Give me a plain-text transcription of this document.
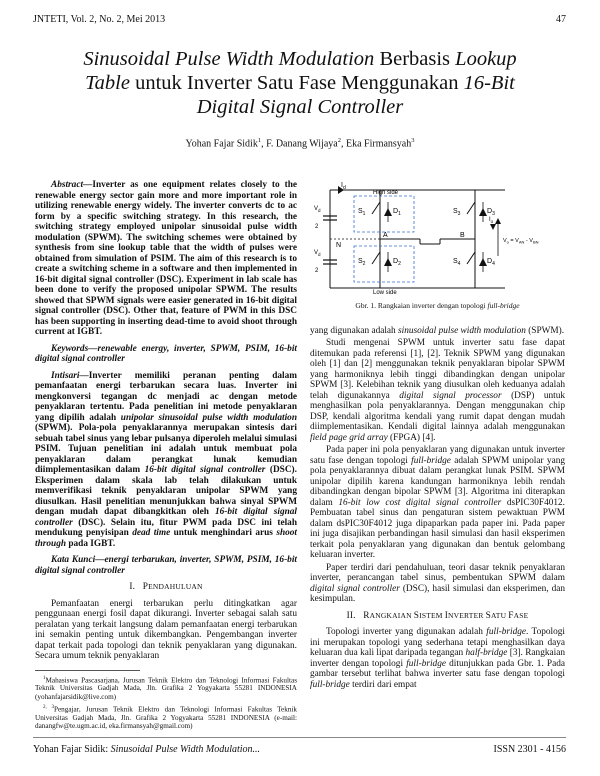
JNTETI, Vol. 2, No. 2, Mei 2013	47
Sinusoidal Pulse Width Modulation Berbasis Lookup
Table untuk Inverter Satu Fase Menggunakan 16-Bit
Digital Signal Controller
Yohan Fajar Sidik$^1$, F. Danang Wijaya$^2$, Eka Firmansyah$^3$

Abstract—Inverter as one equipment relates closely to the renewable energy sector gain more and more important role in utilizing renewable energy widely. The inverter converts dc to ac form by a specific switching strategy. In this research, the switching strategy employed unipolar sinusoidal pulse width modulation (SPWM). The switching schemes were obtained by synthesis from sine lookup table that the width of pulses were obtained from simulation of PSIM. The aim of this research is to create a switching scheme in a software and then implemented in 16-bit digital signal controller (DSC). Experiment in lab scale has been done to verify the proposed unipolar SPWM. The results showed that SPWM signals were easier generated in 16-bit digital signal controller (DSC). Other that, feature of PWM in this DSC has been supporting in inserting dead-time to avoid shoot through current at IGBT.

Keywords—renewable energy, inverter, SPWM, PSIM, 16-bit digital signal controller

Intisari—Inverter memiliki peranan penting dalam pemanfaatan energi terbarukan secara luas. Inverter ini mengkonversi tegangan dc menjadi ac dengan metode penyaklaran tertentu. Pada penelitian ini metode penyaklaran yang dipilih adalah unipolar sinusoidal pulse width modulation (SPWM). Pola-pola penyaklarannya merupakan sintesis dari sebuah tabel sinus yang lebar pulsanya diperoleh melalui simulasi PSIM. Tujuan penelitian ini adalah untuk membuat pola penyaklaran dalam perangkat lunak kemudian diimplementasikan dalam 16-bit digital signal controller (DSC). Eksperimen dalam skala lab telah dilakukan untuk memverifikasi teknik penyaklaran unipolar SPWM yang diusulkan. Hasil penelitian menunjukkan bahwa sinyal SPWM dengan mudah dapat dibangkitkan oleh 16-bit digital signal controller (DSC). Selain itu, fitur PWM pada DSC ini telah mendukung penyisipan dead time untuk menghindari arus shoot through pada IGBT.

Kata Kunci—energi terbarukan, inverter, SPWM, PSIM, 16-bit digital signal controller

I. PENDAHULUAN

Pemanfaatan energi terbarukan perlu ditingkatkan agar penggunaan energi fosil dapat dikurangi. Inverter sebagai salah satu peralatan yang terkait langsung dalam pemanfaatan energi terbarukan ini semakin penting untuk dikembangkan. Pengembangan inverter dapat terkait pada topologi dan teknik penyaklaran yang digunakan. Secara umum teknik penyaklaran

$^1$Mahasiswa Pascasarjana, Jurusan Teknik Elektro dan Teknologi Informasi Fakultas Teknik Universitas Gadjah Mada, Jln. Grafika 2 Yogyakarta 55281 INDONESIA (yohanfajarsidik@live.com)

$^{2, 3}$Pengajar, Jurusan Teknik Elektro dan Teknologi Informasi Fakultas Teknik Universitas Gadjah Mada, Jln. Grafika 2 Yogyakarta 55281 INDONESIA (e-mail: danangfw@te.ugm.ac.id, eka.firmansyah@gmail.com)

$I_d$
High side
Low side
$S_1$
$S_2$
$S_3$
$S_4$
$D_1$
$D_2$
$D_3$
$D_4$
$V_d$
2
$V_d$
2
A	B
N
$I_o$
$V_o = V_{AN} - V_{BN}$
Gbr. 1. Rangkaian inverter dengan topologi full-bridge

yang digunakan adalah sinusoidal pulse width modulation (SPWM).

Studi mengenai SPWM untuk inverter satu fase dapat ditemukan pada referensi [1], [2]. Teknik SPWM yang digunakan oleh [1] dan [2] menggunakan teknik penyaklaran bipolar SPWM yang harmoniknya lebih tinggi dibandingkan dengan unipolar SPWM [3]. Kelebihan teknik yang diusulkan oleh keduanya adalah telah digunakannya digital signal processor (DSP) untuk menghasilkan pola penyaklarannya. Dengan menggunakan chip DSP, kendali algoritma kendali yang rumit dapat dengan mudah diimplementasikan. Kendali digital lainnya adalah menggunakan field page grid array (FPGA) [4].

Pada paper ini pola penyaklaran yang digunakan untuk inverter satu fase dengan topologi full-bridge adalah SPWM unipolar yang pola penyaklarannya dibuat dalam perangkat lunak PSIM. SPWM unipolar dipilih karena kandungan harmoniknya lebih rendah dibandingkan dengan bipolar SPWM [3]. Algoritma ini diterapkan dalam 16-bit low cost digital signal controller dsPIC30F4012. Pembuatan tabel sinus dan pengaturan sistem pewaktuan PWM dalam dsPIC30F4012 juga dipaparkan pada paper ini. Pada paper ini juga disajikan perbandingan hasil simulasi dan hasil eksperimen terkait pola penyaklaran yang digunakan dan bentuk gelombang keluaran inverter.

Paper terdiri dari pendahuluan, teori dasar teknik penyaklaran inverter, perancangan tabel sinus, pembentukan SPWM dalam digital signal controller (DSC), hasil simulasi dan eksperimen, dan kesimpulan.

II. RANGKAIAN SISTEM INVERTER SATU FASE

Topologi inverter yang digunakan adalah full-bridge. Topologi ini merupakan topologi yang sederhana tetapi menghasilkan daya keluaran dua kali lipat daripada tegangan half-bridge [3]. Rangkaian inverter dengan topologi full-bridge ditunjukkan pada Gbr. 1. Pada gambar tersebut terlihat bahwa inverter satu fase dengan topologi full-bridge terdiri dari empat

Yohan Fajar Sidik: Sinusoidal Pulse Width Modulation...	ISSN 2301 - 4156
